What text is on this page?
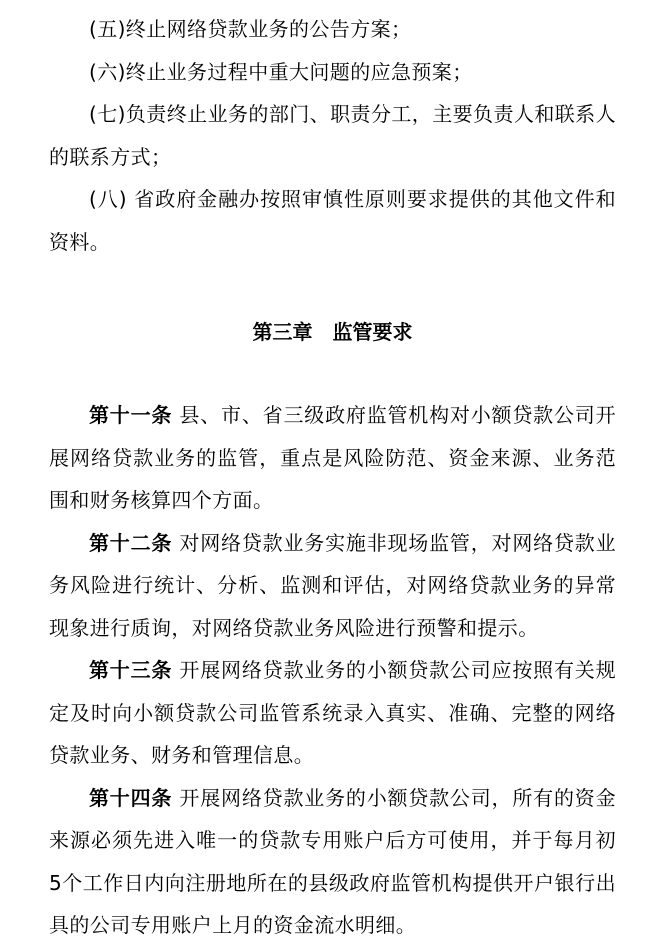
(五)终止网络贷款业务的公告方案；

(六)终止业务过程中重大问题的应急预案；

(七)负责终止业务的部门、职责分工，主要负责人和联系人的联系方式；

(八) 省政府金融办按照审慎性原则要求提供的其他文件和资料。

第三章　监管要求

第十一条 县、市、省三级政府监管机构对小额贷款公司开展网络贷款业务的监管，重点是风险防范、资金来源、业务范围和财务核算四个方面。

第十二条 对网络贷款业务实施非现场监管，对网络贷款业务风险进行统计、分析、监测和评估，对网络贷款业务的异常现象进行质询，对网络贷款业务风险进行预警和提示。

第十三条 开展网络贷款业务的小额贷款公司应按照有关规定及时向小额贷款公司监管系统录入真实、准确、完整的网络贷款业务、财务和管理信息。

第十四条 开展网络贷款业务的小额贷款公司，所有的资金来源必须先进入唯一的贷款专用账户后方可使用，并于每月初 5个工作日内向注册地所在的县级政府监管机构提供开户银行出具的公司专用账户上月的资金流水明细。
